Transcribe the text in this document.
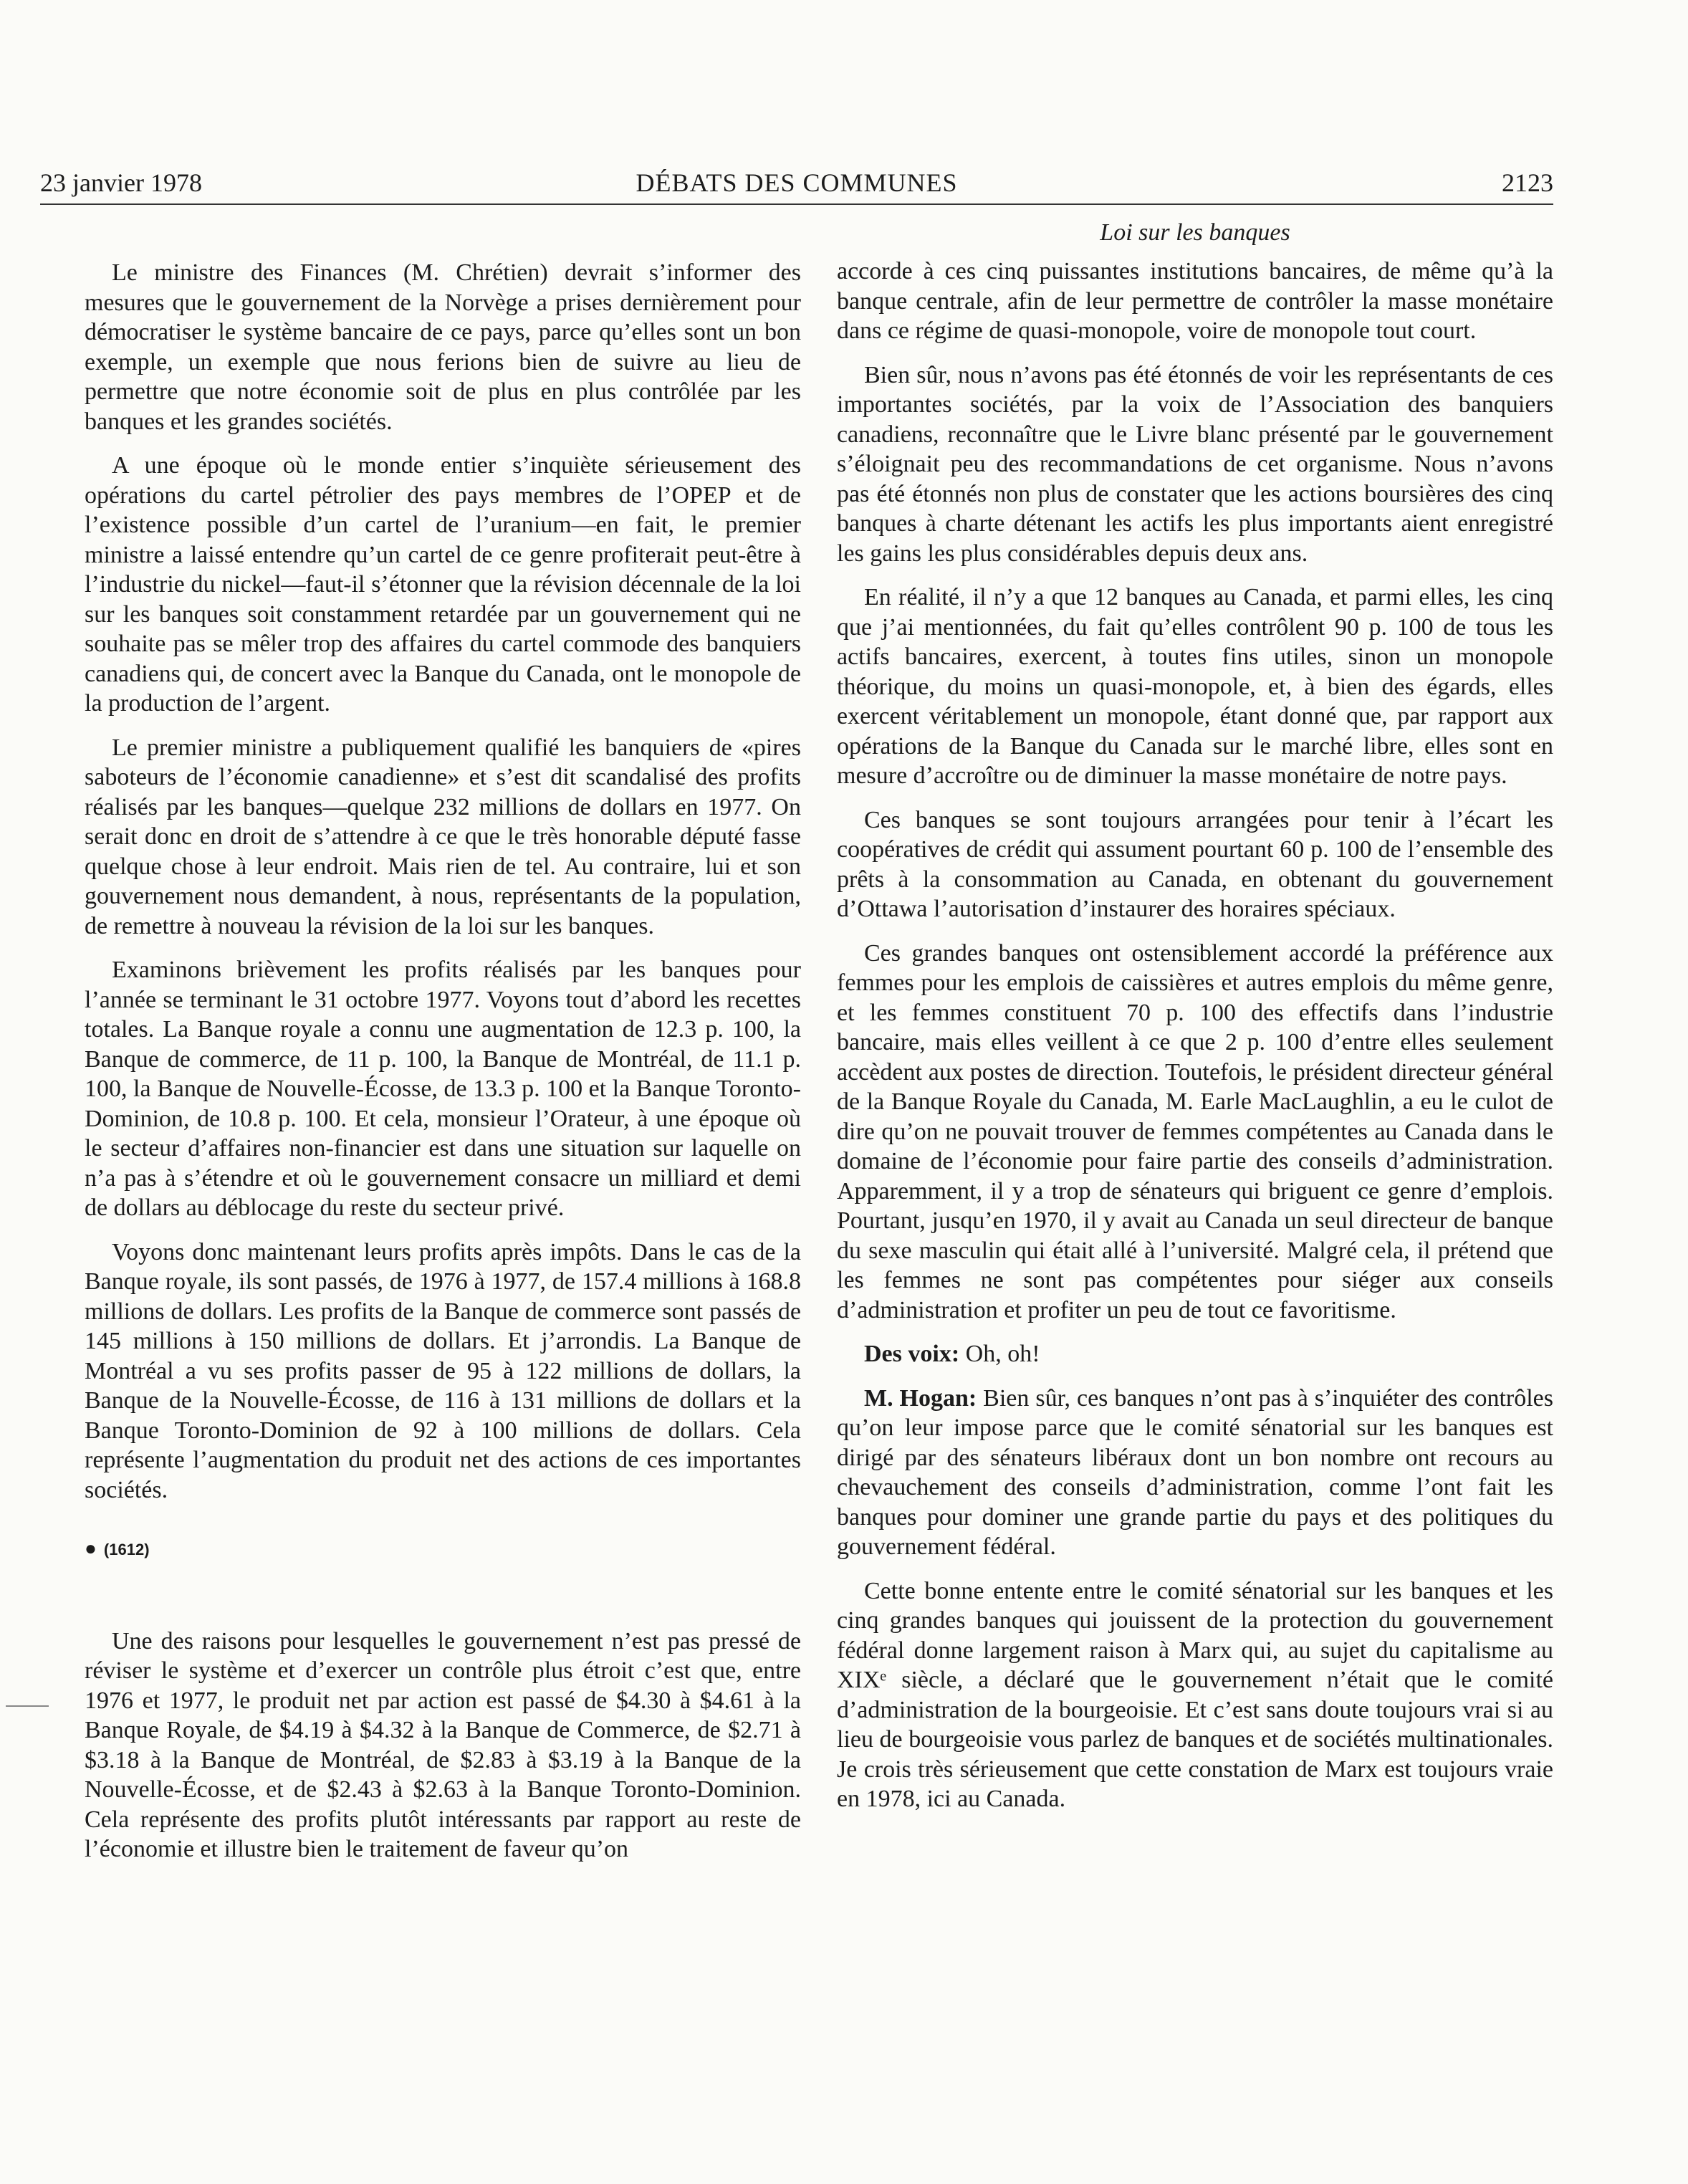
23 janvier 1978	DÉBATS DES COMMUNES	2123
Loi sur les banques

Le ministre des Finances (M. Chrétien) devrait s’informer des mesures que le gouvernement de la Norvège a prises dernièrement pour démocratiser le système bancaire de ce pays, parce qu’elles sont un bon exemple, un exemple que nous ferions bien de suivre au lieu de permettre que notre économie soit de plus en plus contrôlée par les banques et les grandes sociétés.

A une époque où le monde entier s’inquiète sérieusement des opérations du cartel pétrolier des pays membres de l’OPEP et de l’existence possible d’un cartel de l’uranium—en fait, le premier ministre a laissé entendre qu’un cartel de ce genre profiterait peut-être à l’industrie du nickel—faut-il s’étonner que la révision décennale de la loi sur les banques soit constamment retardée par un gouvernement qui ne souhaite pas se mêler trop des affaires du cartel commode des banquiers canadiens qui, de concert avec la Banque du Canada, ont le monopole de la production de l’argent.

Le premier ministre a publiquement qualifié les banquiers de «pires saboteurs de l’économie canadienne» et s’est dit scandalisé des profits réalisés par les banques—quelque 232 millions de dollars en 1977. On serait donc en droit de s’attendre à ce que le très honorable député fasse quelque chose à leur endroit. Mais rien de tel. Au contraire, lui et son gouvernement nous demandent, à nous, représentants de la population, de remettre à nouveau la révision de la loi sur les banques.

Examinons brièvement les profits réalisés par les banques pour l’année se terminant le 31 octobre 1977. Voyons tout d’abord les recettes totales. La Banque royale a connu une augmentation de 12.3 p. 100, la Banque de commerce, de 11 p. 100, la Banque de Montréal, de 11.1 p. 100, la Banque de Nouvelle-Écosse, de 13.3 p. 100 et la Banque Toronto-Dominion, de 10.8 p. 100. Et cela, monsieur l’Orateur, à une époque où le secteur d’affaires non-financier est dans une situation sur laquelle on n’a pas à s’étendre et où le gouvernement consacre un milliard et demi de dollars au déblocage du reste du secteur privé.

Voyons donc maintenant leurs profits après impôts. Dans le cas de la Banque royale, ils sont passés, de 1976 à 1977, de 157.4 millions à 168.8 millions de dollars. Les profits de la Banque de commerce sont passés de 145 millions à 150 millions de dollars. Et j’arrondis. La Banque de Montréal a vu ses profits passer de 95 à 122 millions de dollars, la Banque de la Nouvelle-Écosse, de 116 à 131 millions de dollars et la Banque Toronto-Dominion de 92 à 100 millions de dollars. Cela représente l’augmentation du produit net des actions de ces importantes sociétés.

● (1612)

Une des raisons pour lesquelles le gouvernement n’est pas pressé de réviser le système et d’exercer un contrôle plus étroit c’est que, entre 1976 et 1977, le produit net par action est passé de $4.30 à $4.61 à la Banque Royale, de $4.19 à $4.32 à la Banque de Commerce, de $2.71 à $3.18 à la Banque de Montréal, de $2.83 à $3.19 à la Banque de la Nouvelle-Écosse, et de $2.43 à $2.63 à la Banque Toronto-Dominion. Cela représente des profits plutôt intéressants par rapport au reste de l’économie et illustre bien le traitement de faveur qu’on

accorde à ces cinq puissantes institutions bancaires, de même qu’à la banque centrale, afin de leur permettre de contrôler la masse monétaire dans ce régime de quasi-monopole, voire de monopole tout court.

Bien sûr, nous n’avons pas été étonnés de voir les représentants de ces importantes sociétés, par la voix de l’Association des banquiers canadiens, reconnaître que le Livre blanc présenté par le gouvernement s’éloignait peu des recommandations de cet organisme. Nous n’avons pas été étonnés non plus de constater que les actions boursières des cinq banques à charte détenant les actifs les plus importants aient enregistré les gains les plus considérables depuis deux ans.

En réalité, il n’y a que 12 banques au Canada, et parmi elles, les cinq que j’ai mentionnées, du fait qu’elles contrôlent 90 p. 100 de tous les actifs bancaires, exercent, à toutes fins utiles, sinon un monopole théorique, du moins un quasi-monopole, et, à bien des égards, elles exercent véritablement un monopole, étant donné que, par rapport aux opérations de la Banque du Canada sur le marché libre, elles sont en mesure d’accroître ou de diminuer la masse monétaire de notre pays.

Ces banques se sont toujours arrangées pour tenir à l’écart les coopératives de crédit qui assument pourtant 60 p. 100 de l’ensemble des prêts à la consommation au Canada, en obtenant du gouvernement d’Ottawa l’autorisation d’instaurer des horaires spéciaux.

Ces grandes banques ont ostensiblement accordé la préférence aux femmes pour les emplois de caissières et autres emplois du même genre, et les femmes constituent 70 p. 100 des effectifs dans l’industrie bancaire, mais elles veillent à ce que 2 p. 100 d’entre elles seulement accèdent aux postes de direction. Toutefois, le président directeur général de la Banque Royale du Canada, M. Earle MacLaughlin, a eu le culot de dire qu’on ne pouvait trouver de femmes compétentes au Canada dans le domaine de l’économie pour faire partie des conseils d’administration. Apparemment, il y a trop de sénateurs qui briguent ce genre d’emplois. Pourtant, jusqu’en 1970, il y avait au Canada un seul directeur de banque du sexe masculin qui était allé à l’université. Malgré cela, il prétend que les femmes ne sont pas compétentes pour siéger aux conseils d’administration et profiter un peu de tout ce favoritisme.

Des voix: Oh, oh!

M. Hogan: Bien sûr, ces banques n’ont pas à s’inquiéter des contrôles qu’on leur impose parce que le comité sénatorial sur les banques est dirigé par des sénateurs libéraux dont un bon nombre ont recours au chevauchement des conseils d’administration, comme l’ont fait les banques pour dominer une grande partie du pays et des politiques du gouvernement fédéral.

Cette bonne entente entre le comité sénatorial sur les banques et les cinq grandes banques qui jouissent de la protection du gouvernement fédéral donne largement raison à Marx qui, au sujet du capitalisme au XIXᵉ siècle, a déclaré que le gouvernement n’était que le comité d’administration de la bourgeoisie. Et c’est sans doute toujours vrai si au lieu de bourgeoisie vous parlez de banques et de sociétés multinationales. Je crois très sérieusement que cette constation de Marx est toujours vraie en 1978, ici au Canada.
